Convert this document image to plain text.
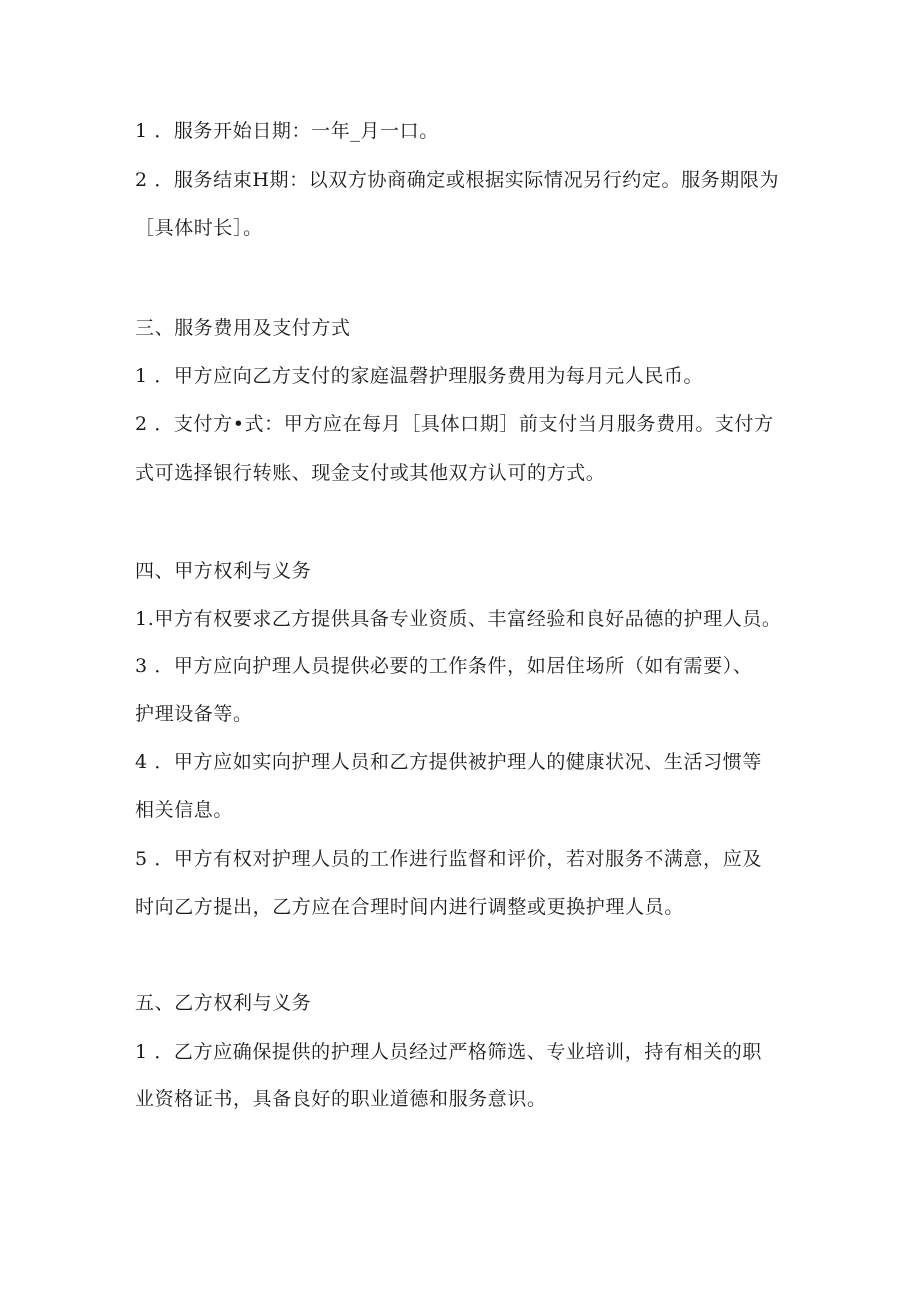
1 ．服务开始日期：一年_月一口。
2 ．服务结束H期：以双方协商确定或根据实际情况另行约定。服务期限为
［具体时长］。
三、服务费用及支付方式
1 ．甲方应向乙方支付的家庭温磬护理服务费用为每月元人民币。
2 ．支付方•式：甲方应在每月［具体口期］前支付当月服务费用。支付方
式可选择银行转账、现金支付或其他双方认可的方式。
四、甲方权利与义务
1.甲方有权要求乙方提供具备专业资质、丰富经验和良好品德的护理人员。
3 ．甲方应向护理人员提供必要的工作条件，如居住场所（如有需要）、
护理设备等。
4 ．甲方应如实向护理人员和乙方提供被护理人的健康状况、生活习惯等
相关信息。
5 ．甲方有权对护理人员的工作进行监督和评价，若对服务不满意，应及
时向乙方提出，乙方应在合理时间内进行调整或更换护理人员。
五、乙方权利与义务
1 ．乙方应确保提供的护理人员经过严格筛选、专业培训，持有相关的职
业资格证书，具备良好的职业道德和服务意识。
